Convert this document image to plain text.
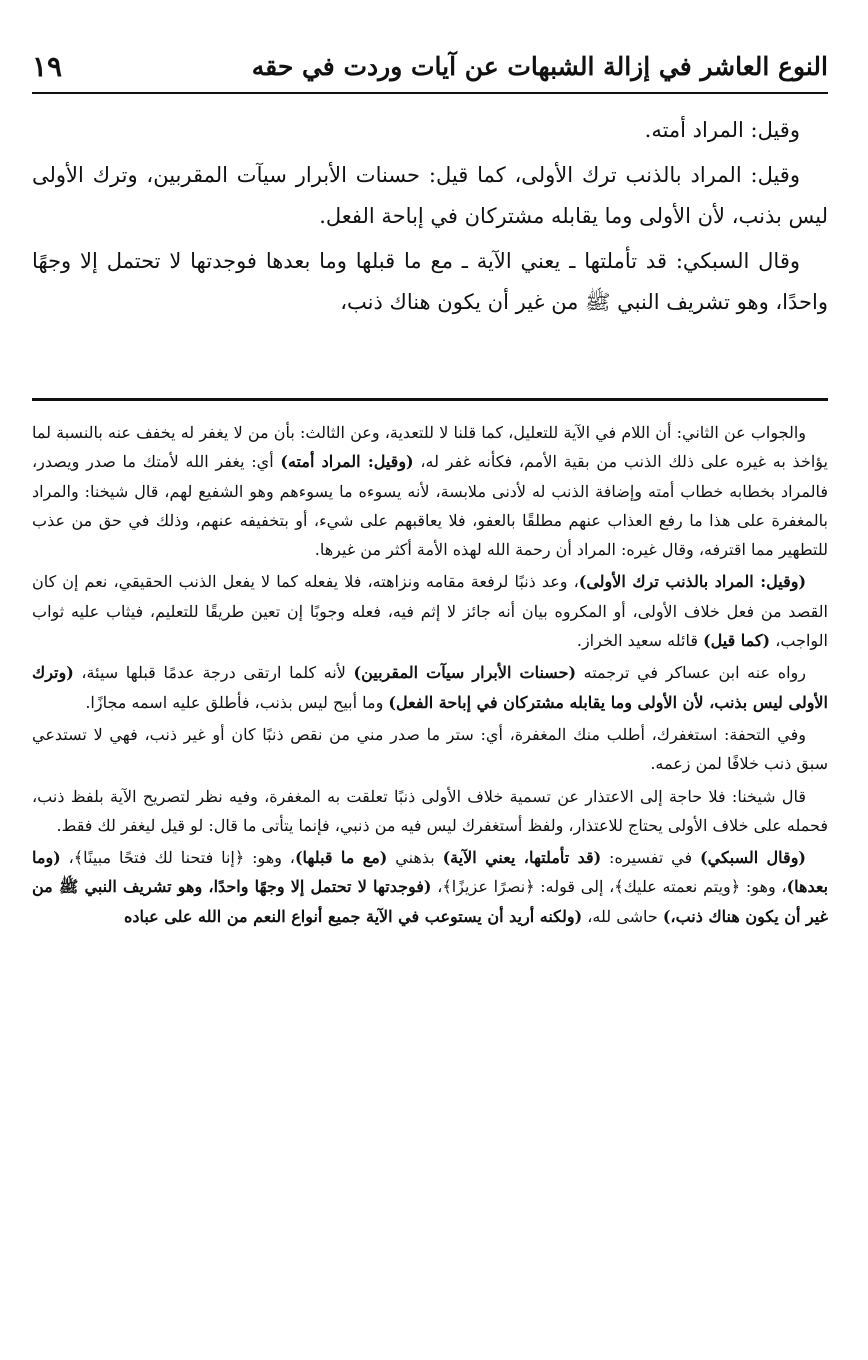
١٩	النوع العاشر في إزالة الشبهات عن آيات وردت في حقه

وقيل: المراد أمته.

وقيل: المراد بالذنب ترك الأولى، كما قيل: حسنات الأبرار سيآت المقربين، وترك الأولى ليس بذنب، لأن الأولى وما يقابله مشتركان في إباحة الفعل.

وقال السبكي: قد تأملتها ـ يعني الآية ـ مع ما قبلها وما بعدها فوجدتها لا تحتمل إلا وجهًا واحدًا، وهو تشريف النبي ﷺ من غير أن يكون هناك ذنب،

والجواب عن الثاني: أن اللام في الآية للتعليل، كما قلنا لا للتعدية، وعن الثالث: بأن من لا يغفر له يخفف عنه بالنسبة لما يؤاخذ به غيره على ذلك الذنب من بقية الأمم، فكأنه غفر له، (وقيل: المراد أمته) أي: يغفر الله لأمتك ما صدر ويصدر، فالمراد بخطابه خطاب أمته وإضافة الذنب له لأدنى ملابسة، لأنه يسوءه ما يسوءهم وهو الشفيع لهم، قال شيخنا: والمراد بالمغفرة على هذا ما رفع العذاب عنهم مطلقًا بالعفو، فلا يعاقبهم على شيء، أو بتخفيفه عنهم، وذلك في حق من عذب للتطهير مما اقترفه، وقال غيره: المراد أن رحمة الله لهذه الأمة أكثر من غيرها.

(وقيل: المراد بالذنب ترك الأولى)، وعد ذنبًا لرفعة مقامه ونزاهته، فلا يفعله كما لا يفعل الذنب الحقيقي، نعم إن كان القصد من فعل خلاف الأولى، أو المكروه بيان أنه جائز لا إثم فيه، فعله وجوبًا إن تعين طريقًا للتعليم، فيثاب عليه ثواب الواجب، (كما قيل) قائله سعيد الخراز.

رواه عنه ابن عساكر في ترجمته (حسنات الأبرار سيآت المقربين) لأنه كلما ارتقى درجة عدمًا قبلها سيئة، (وترك الأولى ليس بذنب، لأن الأولى وما يقابله مشتركان في إباحة الفعل) وما أبيح ليس بذنب، فأطلق عليه اسمه مجازًا.

وفي التحفة: استغفرك، أطلب منك المغفرة، أي: ستر ما صدر مني من نقص ذنبًا كان أو غير ذنب، فهي لا تستدعي سبق ذنب خلافًا لمن زعمه.

قال شيخنا: فلا حاجة إلى الاعتذار عن تسمية خلاف الأولى ذنبًا تعلقت به المغفرة، وفيه نظر لتصريح الآية بلفظ ذنب، فحمله على خلاف الأولى يحتاج للاعتذار، ولفظ أستغفرك ليس فيه من ذنبي، فإنما يتأتى ما قال: لو قيل ليغفر لك فقط.

(وقال السبكي) في تفسيره: (قد تأملتها، يعني الآية) بذهني (مع ما قبلها)، وهو: ﴿إنا فتحنا لك فتحًا مبينًا﴾، (وما بعدها)، وهو: ﴿ويتم نعمته عليك﴾، إلى قوله: ﴿نصرًا عزيزًا﴾، (فوجدتها لا تحتمل إلا وجهًا واحدًا، وهو تشريف النبي ﷺ من غير أن يكون هناك ذنب،) حاشى لله، (ولكنه أريد أن يستوعب في الآية جميع أنواع النعم من الله على عباده
